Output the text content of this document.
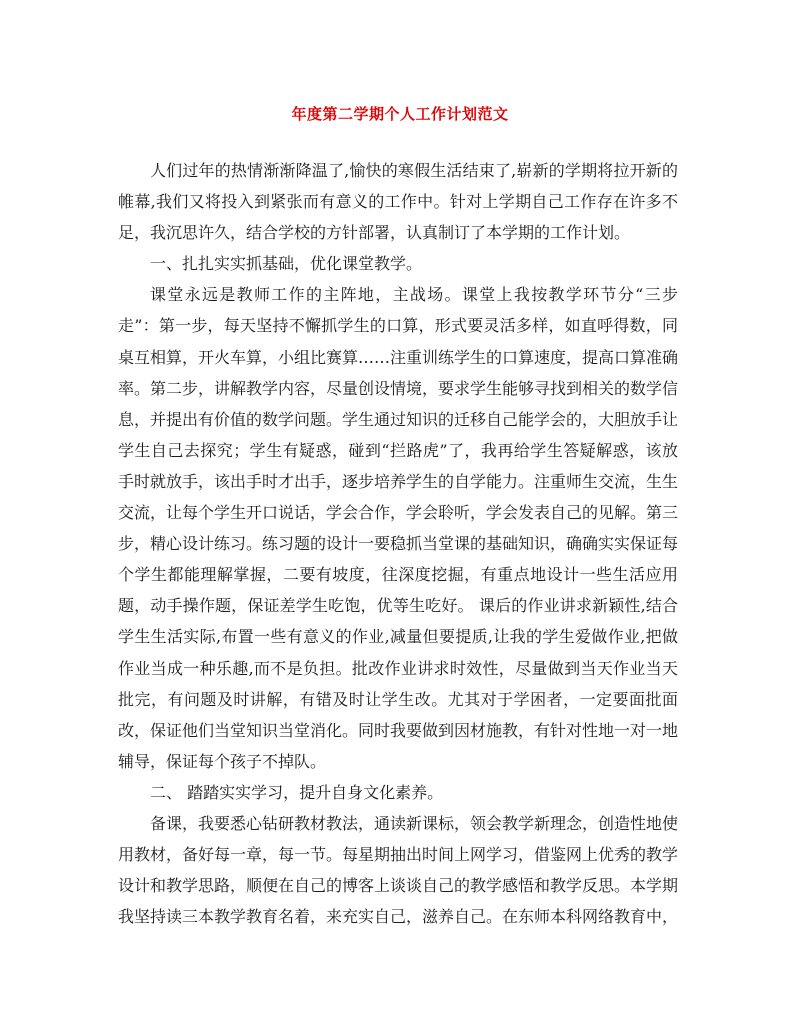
年度第二学期个人工作计划范文

人们过年的热情渐渐降温了,愉快的寒假生活结束了,崭新的学期将拉开新的帷幕,我们又将投入到紧张而有意义的工作中。针对上学期自己工作存在许多不足，我沉思许久，结合学校的方针部署，认真制订了本学期的工作计划。

一、扎扎实实抓基础，优化课堂教学。

课堂永远是教师工作的主阵地，主战场。课堂上我按教学环节分“三步走”：第一步，每天坚持不懈抓学生的口算，形式要灵活多样，如直呼得数，同桌互相算，开火车算，小组比赛算……注重训练学生的口算速度，提高口算准确率。第二步，讲解教学内容，尽量创设情境，要求学生能够寻找到相关的数学信息，并提出有价值的数学问题。学生通过知识的迁移自己能学会的，大胆放手让学生自己去探究；学生有疑惑，碰到“拦路虎”了，我再给学生答疑解惑，该放手时就放手，该出手时才出手，逐步培养学生的自学能力。注重师生交流，生生交流，让每个学生开口说话，学会合作，学会聆听，学会发表自己的见解。第三步，精心设计练习。练习题的设计一要稳抓当堂课的基础知识，确确实实保证每个学生都能理解掌握，二要有坡度，往深度挖掘，有重点地设计一些生活应用题，动手操作题，保证差学生吃饱，优等生吃好。 课后的作业讲求新颖性,结合学生生活实际,布置一些有意义的作业,减量但要提质,让我的学生爱做作业,把做作业当成一种乐趣,而不是负担。批改作业讲求时效性，尽量做到当天作业当天批完，有问题及时讲解，有错及时让学生改。尤其对于学困者，一定要面批面改，保证他们当堂知识当堂消化。同时我要做到因材施教，有针对性地一对一地辅导，保证每个孩子不掉队。

二、 踏踏实实学习，提升自身文化素养。

备课，我要悉心钻研教材教法，通读新课标，领会教学新理念，创造性地使用教材，备好每一章，每一节。每星期抽出时间上网学习，借鉴网上优秀的教学设计和教学思路，顺便在自己的博客上谈谈自己的教学感悟和教学反思。本学期我坚持读三本教学教育名着，来充实自己，滋养自己。在东师本科网络教育中，
